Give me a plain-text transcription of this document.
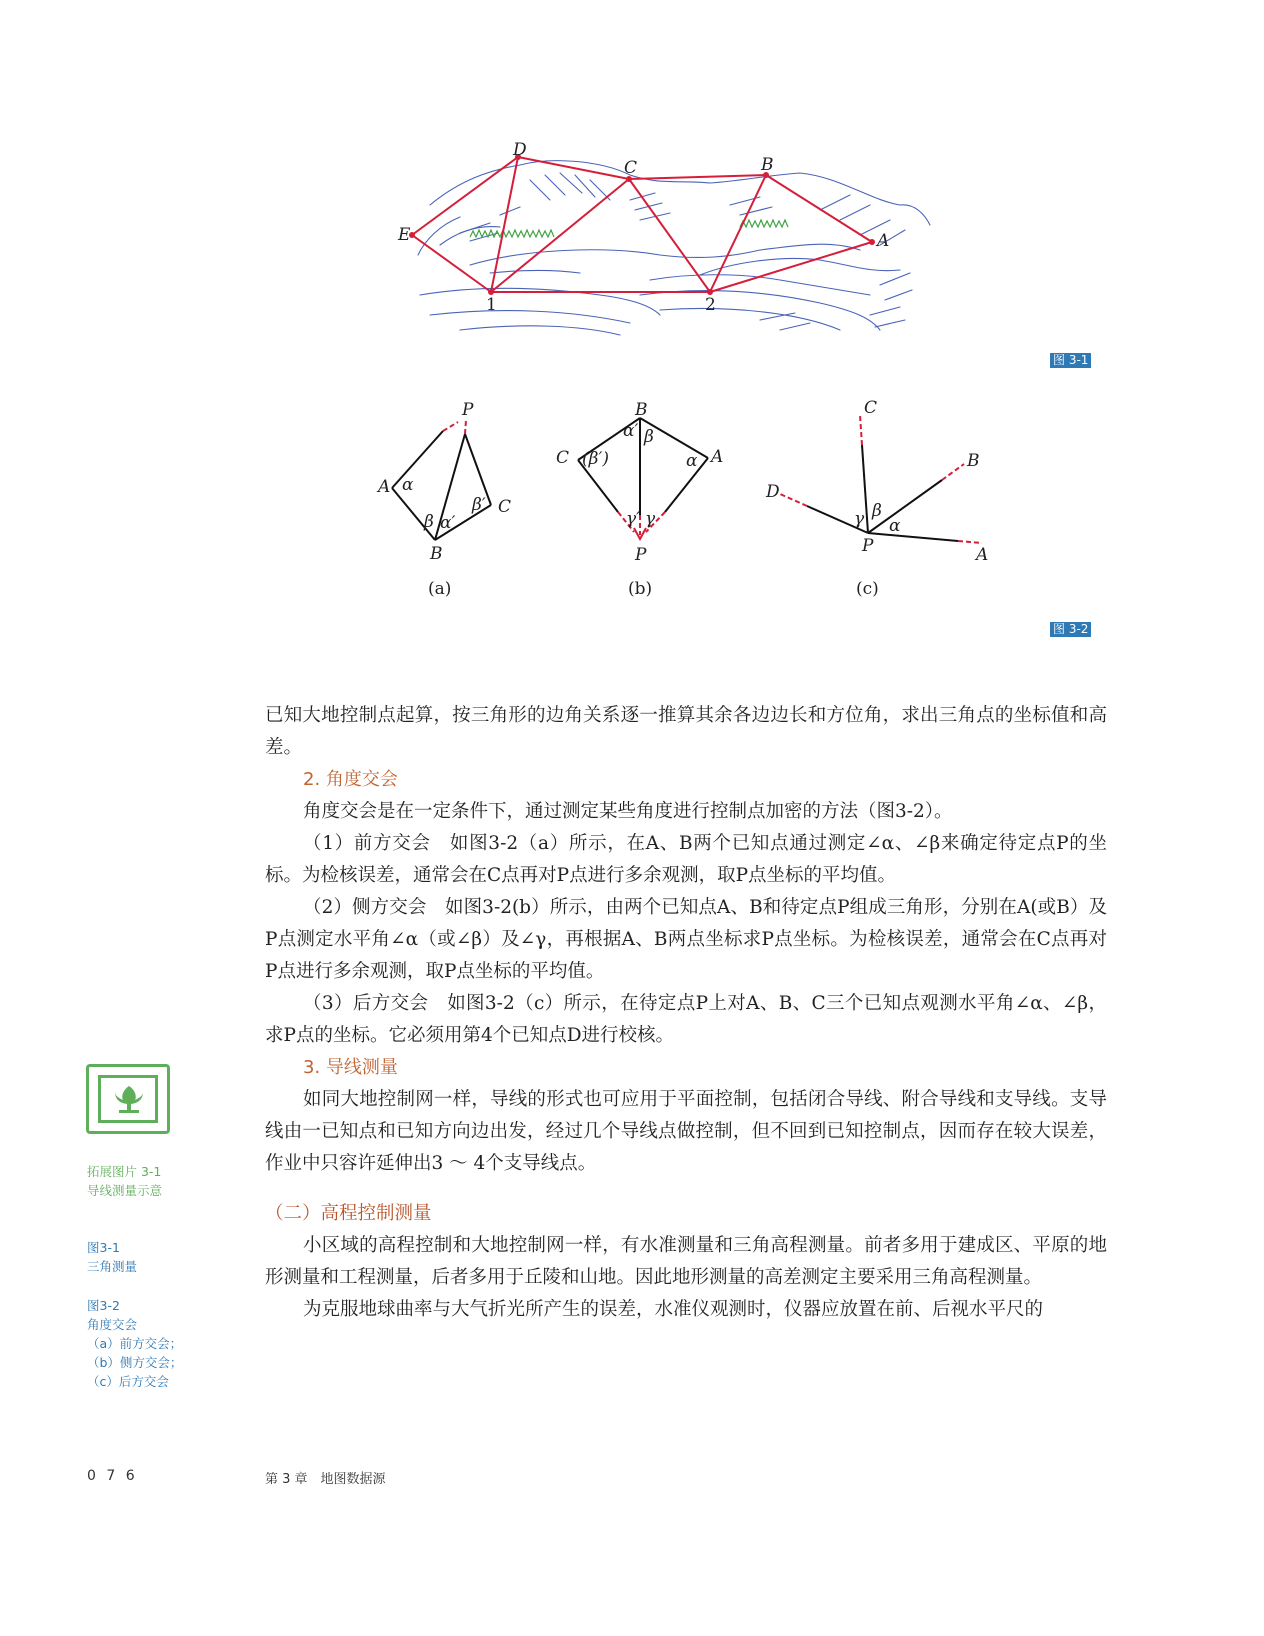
D
C	B
E	A
1	2
图 3-1
P
A
C
B
α
β α′
β′
(a)
B
C	A
P
α′ β
(β′)	α
γ′ γ
(b)
C
B
D
P	A
γ β
α
(c)
图 3-2

已知大地控制点起算，按三角形的边角关系逐一推算其余各边边长和方位角，求出三角点的坐标值和高差。

2. 角度交会

角度交会是在一定条件下，通过测定某些角度进行控制点加密的方法（图3-2）。

（1）前方交会　如图3-2（a）所示，在A、B两个已知点通过测定∠α、∠β来确定待定点P的坐标。为检核误差，通常会在C点再对P点进行多余观测，取P点坐标的平均值。

（2）侧方交会　如图3-2(b）所示，由两个已知点A、B和待定点P组成三角形，分别在A(或B）及P点测定水平角∠α（或∠β）及∠γ，再根据A、B两点坐标求P点坐标。为检核误差，通常会在C点再对P点进行多余观测，取P点坐标的平均值。

（3）后方交会　如图3-2（c）所示，在待定点P上对A、B、C三个已知点观测水平角∠α、∠β，求P点的坐标。它必须用第4个已知点D进行校核。

3. 导线测量

如同大地控制网一样，导线的形式也可应用于平面控制，包括闭合导线、附合导线和支导线。支导线由一已知点和已知方向边出发，经过几个导线点做控制，但不回到已知控制点，因而存在较大误差，作业中只容许延伸出3 ～ 4个支导线点。

（二）高程控制测量

小区域的高程控制和大地控制网一样，有水准测量和三角高程测量。前者多用于建成区、平原的地形测量和工程测量，后者多用于丘陵和山地。因此地形测量的高差测定主要采用三角高程测量。

为克服地球曲率与大气折光所产生的误差，水准仪观测时，仪器应放置在前、后视水平尺的

拓展图片 3-1
导线测量示意
图3-1
三角测量
图3-2
角度交会
（a）前方交会；
（b）侧方交会；
（c）后方交会
0 7 6	第 3 章　地图数据源
